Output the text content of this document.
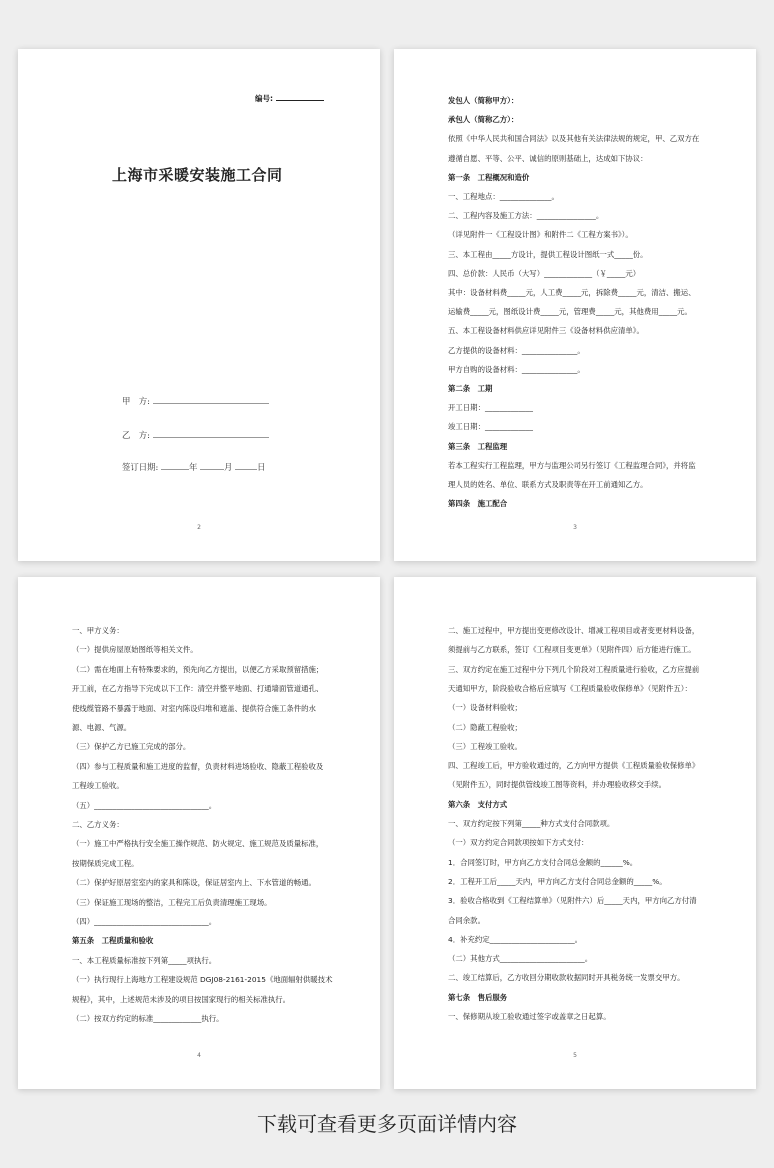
编号:
上海市采暖安装施工合同
甲　方:
乙　方:
签订日期:	年	月	日
2
发包人（简称甲方）：
承包人（简称乙方）：
依照《中华人民共和国合同法》以及其他有关法律法规的规定，甲、乙双方在
遵循自愿、平等、公平、诚信的原则基础上，达成如下协议：
第一条　工程概况和造价
一、工程地点：______________。
二、工程内容及施工方法：________________。
（详见附件一《工程设计图》和附件二《工程方案书》）。
三、本工程由_____方设计，提供工程设计图纸一式_____份。
四、总价款：人民币（大写）_____________（￥_____元）
其中：设备材料费_____元，人工费_____元，拆除费_____元，清洁、搬运、
运输费_____元，图纸设计费_____元，管理费_____元，其他费用_____元。
五、本工程设备材料供应详见附件三《设备材料供应清单》。
乙方提供的设备材料：_______________。
甲方自购的设备材料：_______________。
第二条　工期
开工日期：_____________
竣工日期：_____________
第三条　工程监理
若本工程实行工程监理，甲方与监理公司另行签订《工程监理合同》，并将监
理人员的姓名、单位、联系方式及职责等在开工前通知乙方。
第四条　施工配合
3
一、甲方义务：
（一）提供房屋原始图纸等相关文件。
（二）需在地面上有特殊要求的，预先向乙方提出，以便乙方采取预留措施；
开工前，在乙方指导下完成以下工作：清空并整平地面、打通墙面管道通孔、
使线缆管路不暴露于地面、对室内陈设归堆和遮盖、提供符合施工条件的水
源、电源、气源。
（三）保护乙方已施工完成的部分。
（四）参与工程质量和施工进度的监督，负责材料进场验收、隐蔽工程验收及
工程竣工验收。
（五）_______________________________。
二、乙方义务：
（一）施工中严格执行安全施工操作规范、防火规定、施工规范及质量标准，
按期保质完成工程。
（二）保护好原居室室内的家具和陈设，保证居室内上、下水管道的畅通。
（三）保证施工现场的整洁，工程完工后负责清理施工现场。
（四）_______________________________。
第五条　工程质量和验收
一、本工程质量标准按下列第_____项执行。
（一）执行现行上海地方工程建设规范 DGJ08-2161-2015《地面辐射供暖技术
规程》，其中，上述规范未涉及的项目按国家现行的相关标准执行。
（二）按双方约定的标准_____________执行。
4
二、施工过程中，甲方提出变更修改设计、增减工程项目或者变更材料设备，
须提前与乙方联系，签订《工程项目变更单》（见附件四）后方能进行施工。
三、双方约定在施工过程中分下列几个阶段对工程质量进行验收，乙方应提前
天通知甲方，阶段验收合格后应填写《工程质量验收保修单》（见附件五）：
（一）设备材料验收；
（二）隐蔽工程验收；
（三）工程竣工验收。
四、工程竣工后，甲方验收通过的，乙方向甲方提供《工程质量验收保修单》
（见附件五），同时提供管线竣工图等资料，并办理验收移交手续。
第六条　支付方式
一、双方约定按下列第_____种方式支付合同款项。
（一）双方约定合同款项按如下方式支付：
1．合同签订时，甲方向乙方支付合同总金额的______%。
2．工程开工后_____天内，甲方向乙方支付合同总金额的_____%。
3．验收合格收到《工程结算单》（见附件六）后_____天内，甲方向乙方付清
合同余款。
4．补充约定_______________________。
（二）其他方式_______________________。
二、竣工结算后，乙方收回分期收款收据同时开具税务统一发票交甲方。
第七条　售后服务
一、保修期从竣工验收通过签字或盖章之日起算。
5
下载可查看更多页面详情内容
